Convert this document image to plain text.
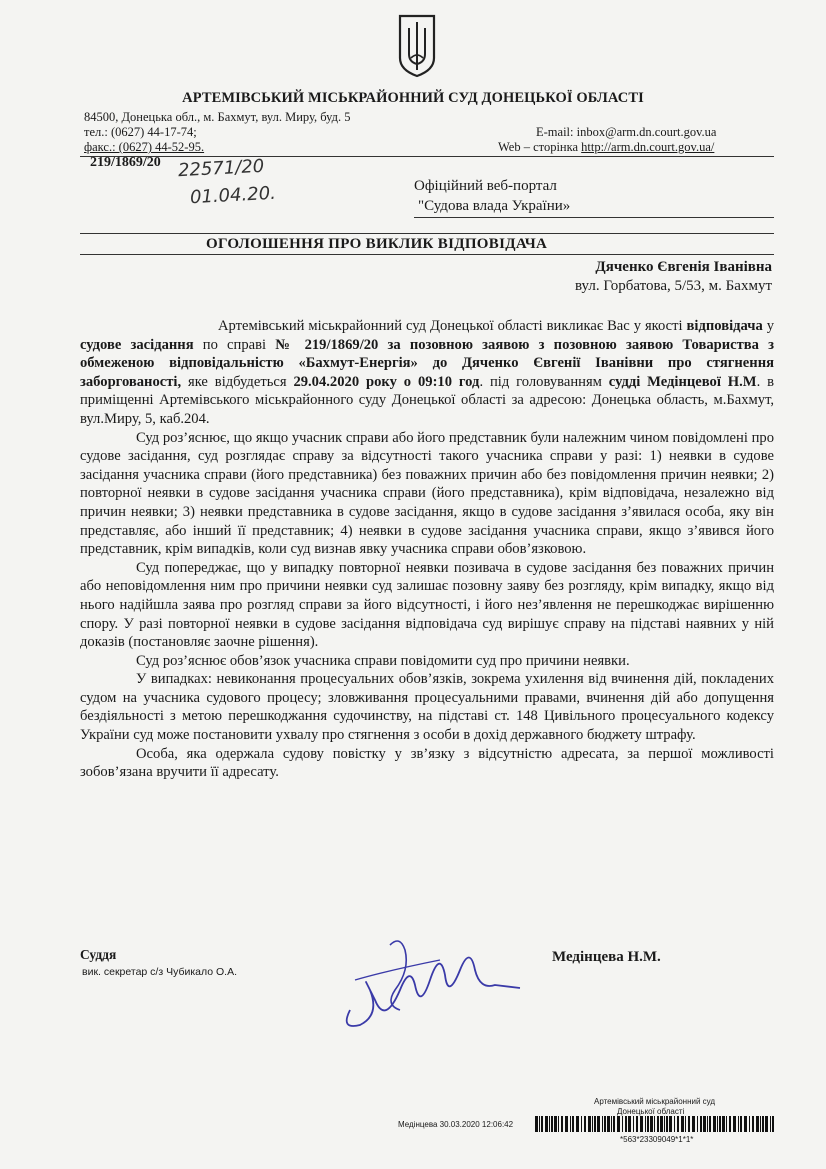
АРТЕМІВСЬКИЙ МІСЬКРАЙОННИЙ СУД ДОНЕЦЬКОЇ ОБЛАСТІ
84500, Донецька обл., м. Бахмут, вул. Миру, буд. 5
тел.: (0627) 44-17-74;
факс.: (0627) 44-52-95.
E-mail: inbox@arm.dn.court.gov.ua
Web – сторінка http://arm.dn.court.gov.ua/
219/1869/20 22571/20
01.04.20.	Офіційний веб-портал
"Судова влада України»
ОГОЛОШЕННЯ ПРО ВИКЛИК ВІДПОВІДАЧА
Дяченко Євгенія Іванівна
вул. Горбатова, 5/53, м. Бахмут

Артемівський міськрайонний суд Донецької області викликає Вас у якості відповідача у судове засідання по справі № 219/1869/20 за позовною заявою з позовною заявою Товариства з обмеженою відповідальністю «Бахмут-Енергія» до Дяченко Євгенії Іванівни про стягнення заборгованості, яке відбудеться 29.04.2020 року о 09:10 год. під головуванням судді Медінцевої Н.М. в приміщенні Артемівського міськрайонного суду Донецької області за адресою: Донецька область, м.Бахмут, вул.Миру, 5, каб.204.

Суд роз’яснює, що якщо учасник справи або його представник були належним чином повідомлені про судове засідання, суд розглядає справу за відсутності такого учасника справи у разі: 1) неявки в судове засідання учасника справи (його представника) без поважних причин або без повідомлення причин неявки; 2) повторної неявки в судове засідання учасника справи (його представника), крім відповідача, незалежно від причин неявки; 3) неявки представника в судове засідання, якщо в судове засідання з’явилася особа, яку він представляє, або інший її представник; 4) неявки в судове засідання учасника справи, якщо з’явився його представник, крім випадків, коли суд визнав явку учасника справи обов’язковою.

Суд попереджає, що у випадку повторної неявки позивача в судове засідання без поважних причин або неповідомлення ним про причини неявки суд залишає позовну заяву без розгляду, крім випадку, якщо від нього надійшла заява про розгляд справи за його відсутності, і його нез’явлення не перешкоджає вирішенню спору. У разі повторної неявки в судове засідання відповідача суд вирішує справу на підставі наявних у ній доказів (постановляє заочне рішення).

Суд роз’яснює обов’язок учасника справи повідомити суд про причини неявки.

У випадках: невиконання процесуальних обов’язків, зокрема ухилення від вчинення дій, покладених судом на учасника судового процесу; зловживання процесуальними правами, вчинення дій або допущення бездіяльності з метою перешкоджання судочинству, на підставі ст. 148 Цивільного процесуального кодексу України суд може постановити ухвалу про стягнення з особи в дохід державного бюджету штрафу.

Особа, яка одержала судову повістку у зв’язку з відсутністю адресата, за першої можливості зобов’язана вручити її адресату.

Суддя
вик. секретар с/з Чубикало О.А.
Медінцева Н.М.
Артемівський міськрайонний суд
Донецької області
Медінцева 30.03.2020 12:06:42
*563*23309049*1*1*
